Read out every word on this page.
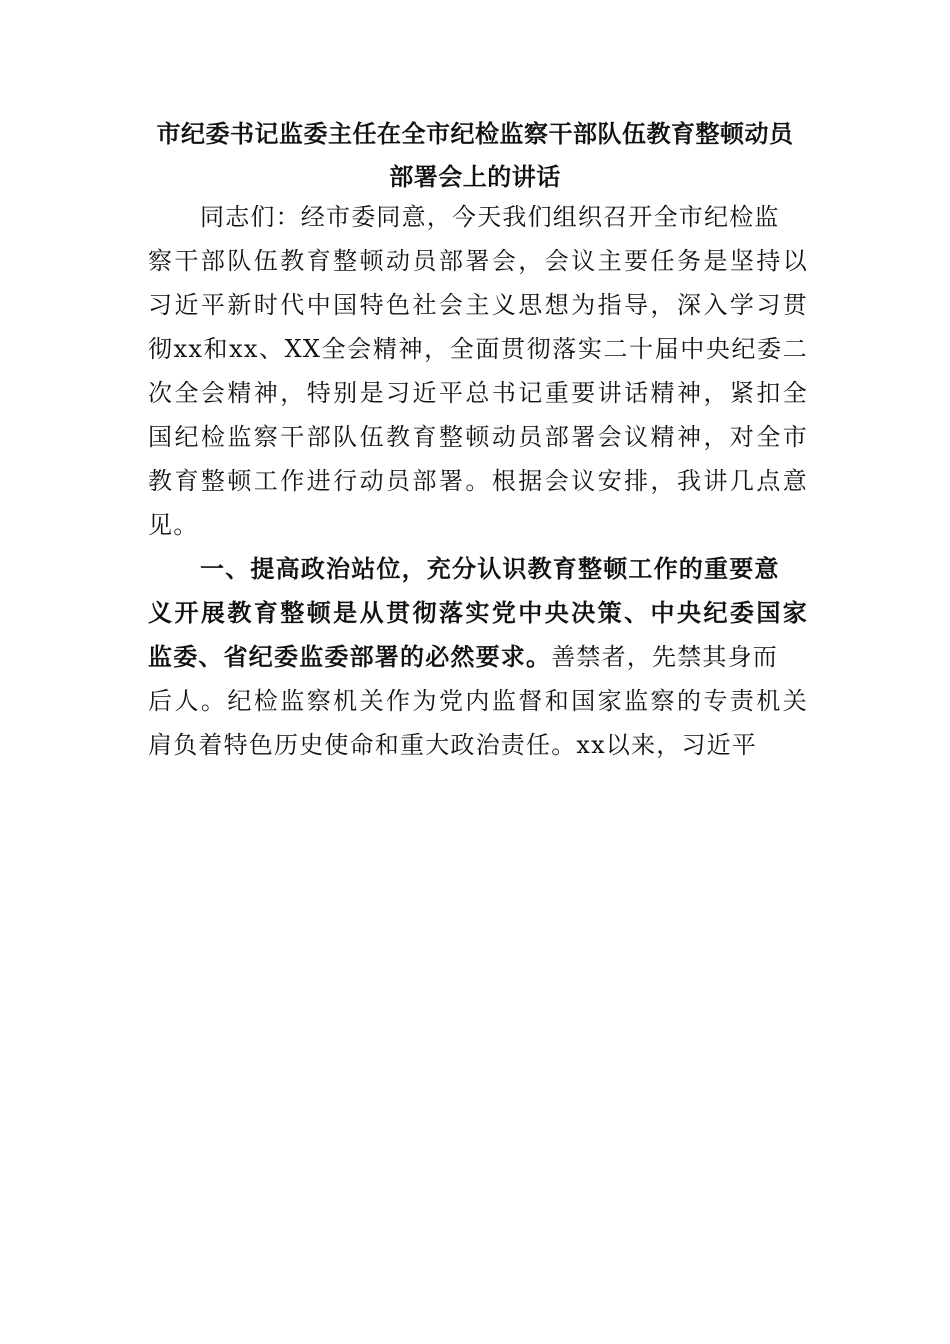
市纪委书记监委主任在全市纪检监察干部队伍教育整顿动员
部署会上的讲话
同志们：经市委同意，今天我们组织召开全市纪检监
察干部队伍教育整顿动员部署会，会议主要任务是坚持以
习近平新时代中国特色社会主义思想为指导，深入学习贯
彻xx和xx、XX全会精神，全面贯彻落实二十届中央纪委二
次全会精神，特别是习近平总书记重要讲话精神，紧扣全
国纪检监察干部队伍教育整顿动员部署会议精神，对全市
教育整顿工作进行动员部署。根据会议安排，我讲几点意
见。
一、提高政治站位，充分认识教育整顿工作的重要意
义开展教育整顿是从贯彻落实党中央决策、中央纪委国家
监委、省纪委监委部署的必然要求。善禁者，先禁其身而
后人。纪检监察机关作为党内监督和国家监察的专责机关
肩负着特色历史使命和重大政治责任。xx以来，习近平
